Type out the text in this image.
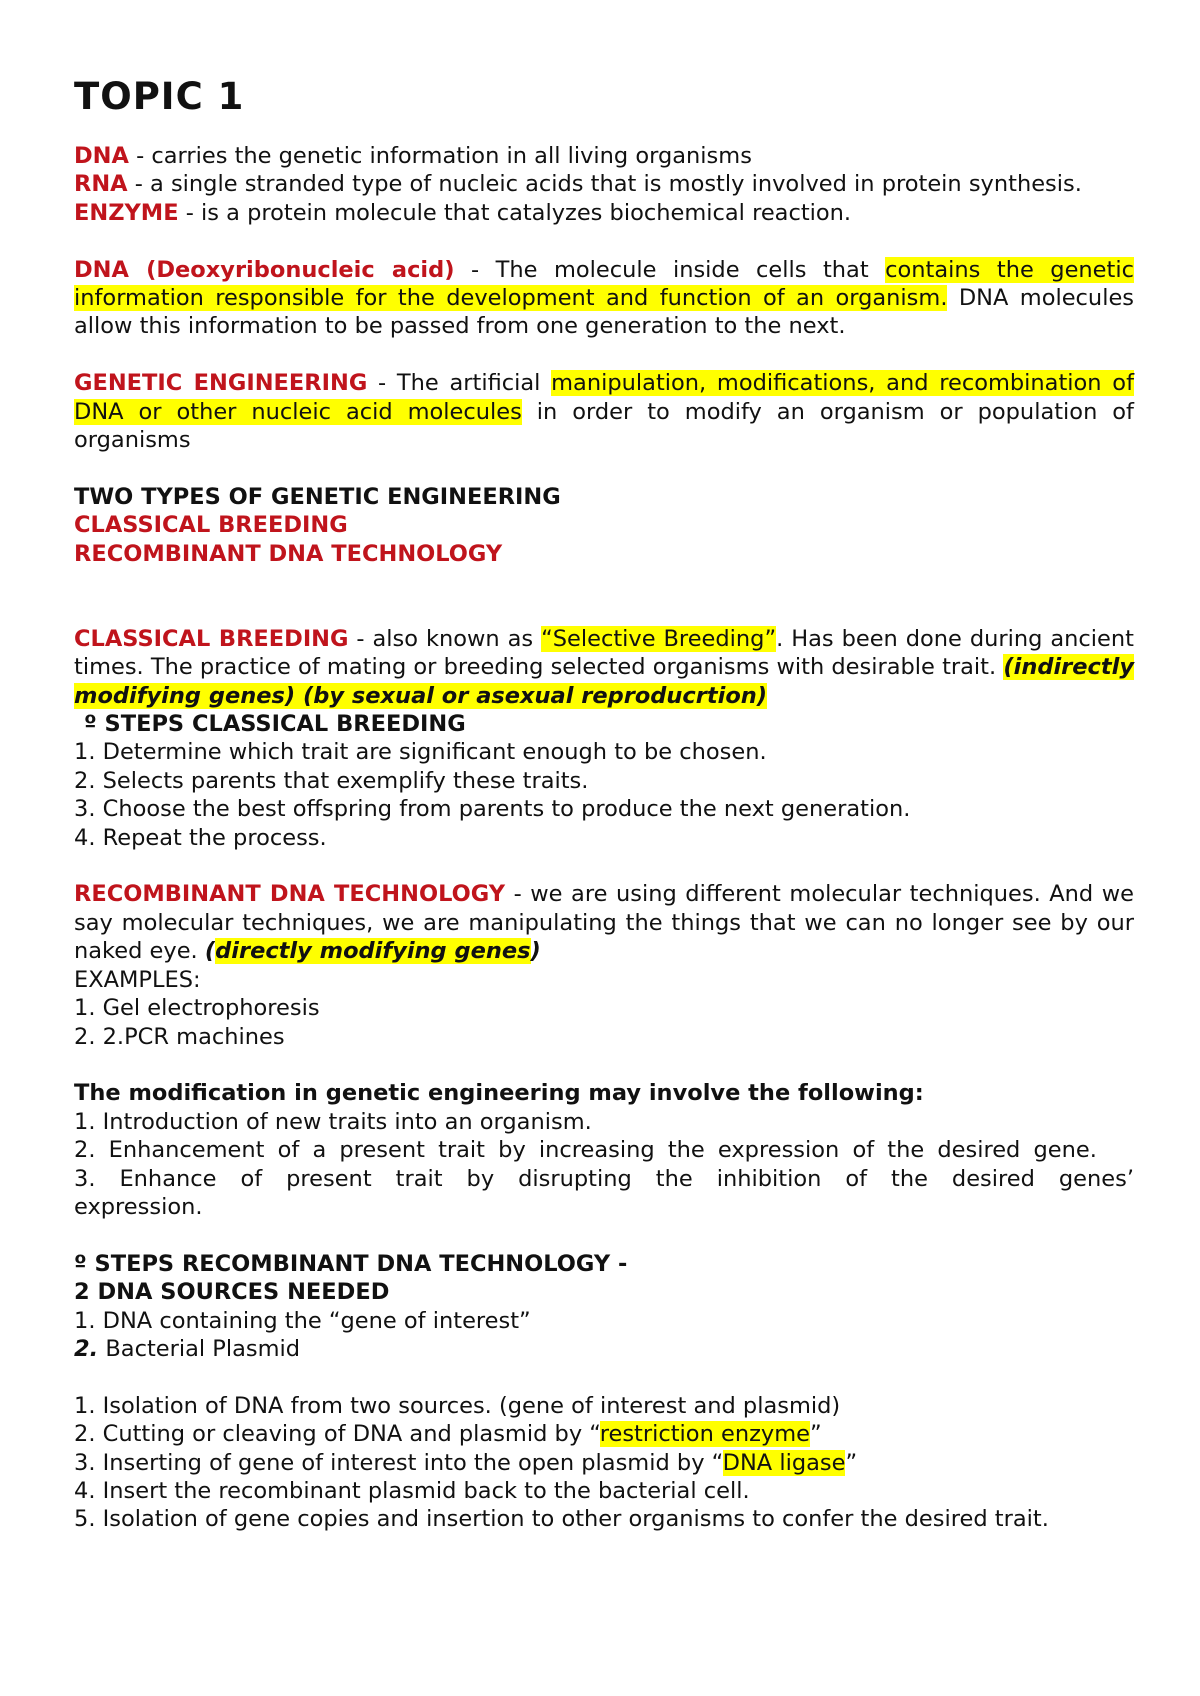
TOPIC 1

DNA - carries the genetic information in all living organisms

RNA - a single stranded type of nucleic acids that is mostly involved in protein synthesis.

ENZYME - is a protein molecule that catalyzes biochemical reaction.

DNA (Deoxyribonucleic acid) - The molecule inside cells that contains the genetic information responsible for the development and function of an organism. DNA molecules allow this information to be passed from one generation to the next.

GENETIC ENGINEERING - The artificial manipulation, modifications, and recombination of DNA or other nucleic acid molecules in order to modify an organism or population of organisms

TWO TYPES OF GENETIC ENGINEERING

CLASSICAL BREEDING

RECOMBINANT DNA TECHNOLOGY

CLASSICAL BREEDING - also known as “Selective Breeding”. Has been done during ancient times. The practice of mating or breeding selected organisms with desirable trait. (indirectly modifying genes) (by sexual or asexual reproducrtion)

º STEPS CLASSICAL BREEDING

1. Determine which trait are significant enough to be chosen.

2. Selects parents that exemplify these traits.

3. Choose the best offspring from parents to produce the next generation.

4. Repeat the process.

RECOMBINANT DNA TECHNOLOGY - we are using different molecular techniques. And we say molecular techniques, we are manipulating the things that we can no longer see by our naked eye. (directly modifying genes)

EXAMPLES:

1. Gel electrophoresis

2. 2.PCR machines

The modification in genetic engineering may involve the following:

1. Introduction of new traits into an organism.

2. Enhancement of a present trait by increasing the expression of the desired gene.

3. Enhance of present trait by disrupting the inhibition of the desired genes’ expression.

º STEPS RECOMBINANT DNA TECHNOLOGY -

2 DNA SOURCES NEEDED

1. DNA containing the “gene of interest”

2. Bacterial Plasmid

1. Isolation of DNA from two sources. (gene of interest and plasmid)

2. Cutting or cleaving of DNA and plasmid by “restriction enzyme”

3. Inserting of gene of interest into the open plasmid by “DNA ligase”

4. Insert the recombinant plasmid back to the bacterial cell.

5. Isolation of gene copies and insertion to other organisms to confer the desired trait.
